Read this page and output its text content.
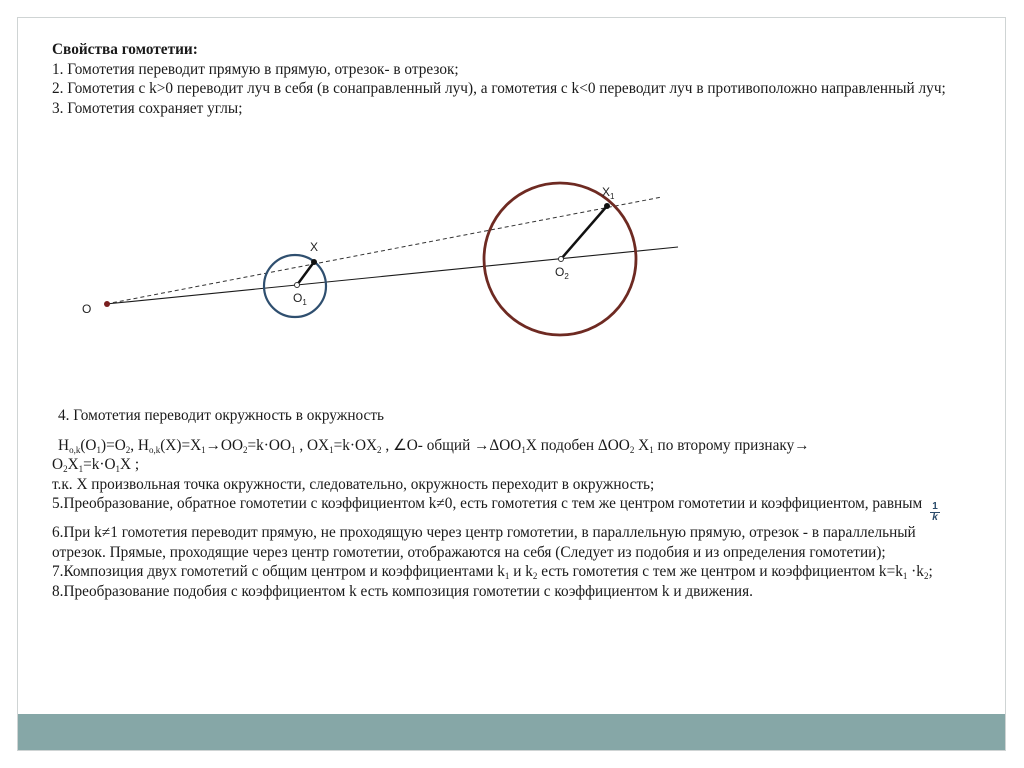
Свойства гомотетии:
1. Гомотетия переводит прямую в прямую, отрезок- в отрезок;
2. Гомотетия с k>0 переводит луч в себя (в сонаправленный луч), а гомотетия с k<0 переводит луч в противоположно направленный луч;
3. Гомотетия сохраняет углы;
O
X
X1
O1
O2
4. Гомотетия переводит окружность в окружность
$H_{o,k}(O_1)=O_2$, $H_{o,k}(X)=X_1\to OO_2=k\cdot OO_1$ , $OX_1=k\cdot OX_2$ , ∠O- общий $\to\Delta OO_1X$ подобен $\Delta OO_2$ $X_1$ по второму признаку→
$O_2X_1=k\cdot O_1X$ ;
т.к. X произвольная точка окружности, следовательно, окружность переходит в окружность;
5.Преобразование, обратное гомотетии с коэффициентом k≠0, есть гомотетия с тем же центром гомотетии и коэффициентом, равным $\frac{1}{k}$
6.При k≠1 гомотетия переводит прямую, не проходящую через центр гомотетии, в параллельную прямую, отрезок - в параллельный отрезок. Прямые, проходящие через центр гомотетии, отображаются на себя (Следует из подобия и из определения гомотетии);
7.Композиция двух гомотетий с общим центром и коэффициентами $k_1$ и $k_2$ есть гомотетия с тем же центром и коэффициентом $k=k_1 \cdot k_2$;
8.Преобразование подобия с коэффициентом k есть композиция гомотетии с коэффициентом k и движения.
